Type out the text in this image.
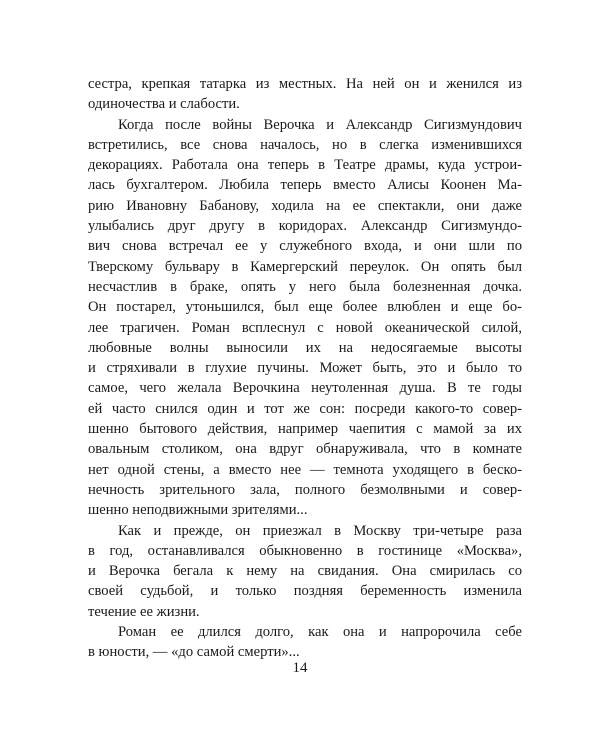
сестра, крепкая татарка из местных. На ней он и женился из
одиночества и слабости.
Когда после войны Верочка и Александр Сигизмундович
встретились, все снова началось, но в слегка изменившихся
декорациях. Работала она теперь в Театре драмы, куда устрои-
лась бухгалтером. Любила теперь вместо Алисы Коонен Ма-
рию Ивановну Бабанову, ходила на ее спектакли, они даже
улыбались друг другу в коридорах. Александр Сигизмундо-
вич снова встречал ее у служебного входа, и они шли по
Тверскому бульвару в Камергерский переулок. Он опять был
несчастлив в браке, опять у него была болезненная дочка.
Он постарел, утоньшился, был еще более влюблен и еще бо-
лее трагичен. Роман всплеснул с новой океанической силой,
любовные волны выносили их на недосягаемые высоты
и стряхивали в глухие пучины. Может быть, это и было то
самое, чего желала Верочкина неутоленная душа. В те годы
ей часто снился один и тот же сон: посреди какого-то совер-
шенно бытового действия, например чаепития с мамой за их
овальным столиком, она вдруг обнаруживала, что в комнате
нет одной стены, а вместо нее — темнота уходящего в беско-
нечность зрительного зала, полного безмолвными и совер-
шенно неподвижными зрителями...
Как и прежде, он приезжал в Москву три-четыре раза
в год, останавливался обыкновенно в гостинице «Москва»,
и Верочка бегала к нему на свидания. Она смирилась со
своей судьбой, и только поздняя беременность изменила
течение ее жизни.
Роман ее длился долго, как она и напророчила себе
в юности, — «до самой смерти»...
14
